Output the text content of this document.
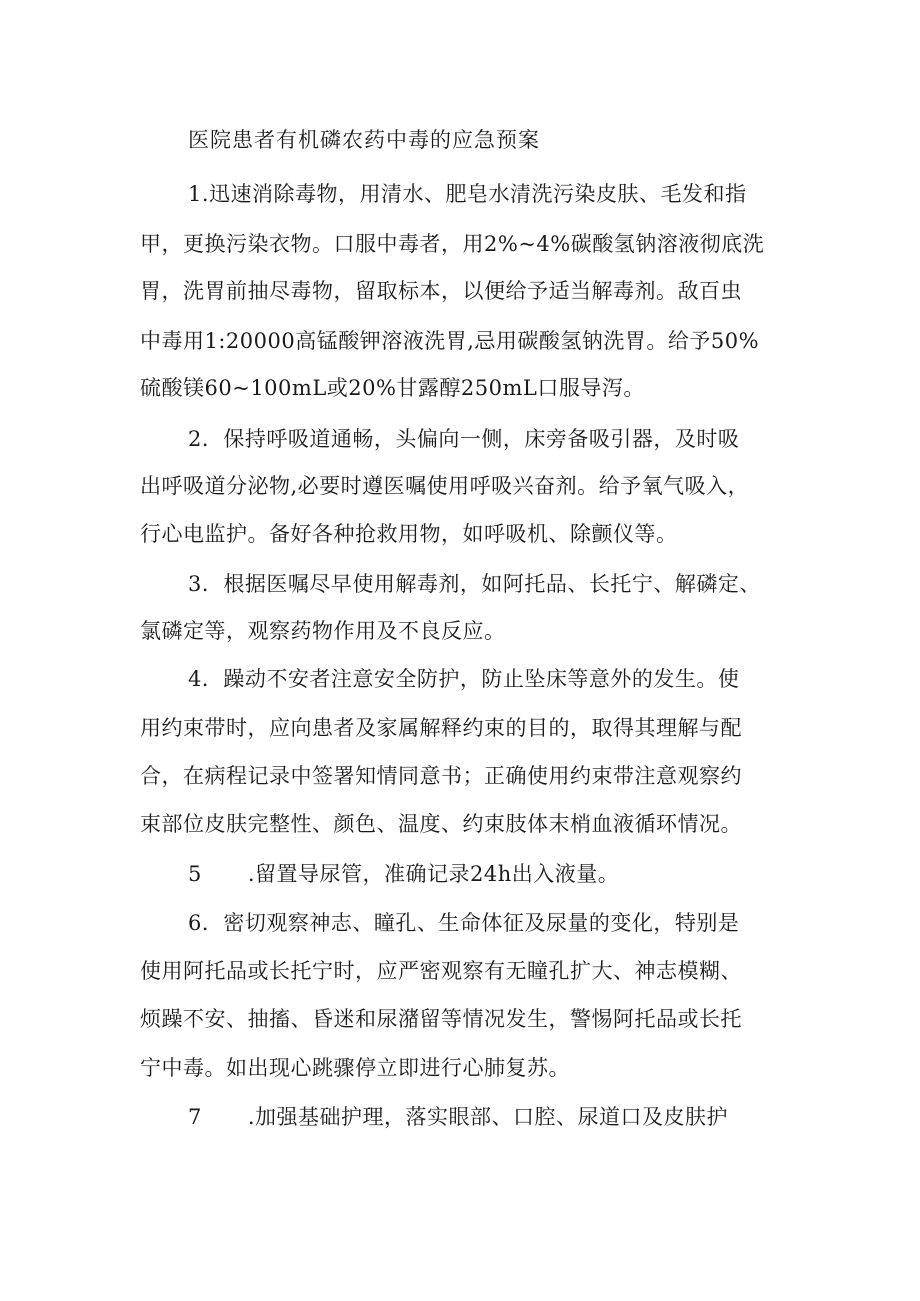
医院患者有机磷农药中毒的应急预案
1.迅速消除毒物，用清水、肥皂水清洗污染皮肤、毛发和指
甲，更换污染衣物。口服中毒者，用2%~4%碳酸氢钠溶液彻底洗
胃，洗胃前抽尽毒物，留取标本，以便给予适当解毒剂。敌百虫
中毒用1:20000高锰酸钾溶液洗胃,忌用碳酸氢钠洗胃。给予50%
硫酸镁60~100mL或20%甘露醇250mL口服导泻。
2．保持呼吸道通畅，头偏向一侧，床旁备吸引器，及时吸
出呼吸道分泌物,必要时遵医嘱使用呼吸兴奋剂。给予氧气吸入，
行心电监护。备好各种抢救用物，如呼吸机、除颤仪等。
3．根据医嘱尽早使用解毒剂，如阿托品、长托宁、解磷定、
氯磷定等，观察药物作用及不良反应。
4．躁动不安者注意安全防护，防止坠床等意外的发生。使
用约束带时，应向患者及家属解释约束的目的，取得其理解与配
合，在病程记录中签署知情同意书；正确使用约束带注意观察约
束部位皮肤完整性、颜色、温度、约束肢体末梢血液循环情况。
5 .留置导尿管，准确记录24h出入液量。
6．密切观察神志、瞳孔、生命体征及尿量的变化，特别是
使用阿托品或长托宁时，应严密观察有无瞳孔扩大、神志模糊、
烦躁不安、抽搐、昏迷和尿潴留等情况发生，警惕阿托品或长托
宁中毒。如出现心跳骤停立即进行心肺复苏。
7 .加强基础护理，落实眼部、口腔、尿道口及皮肤护
